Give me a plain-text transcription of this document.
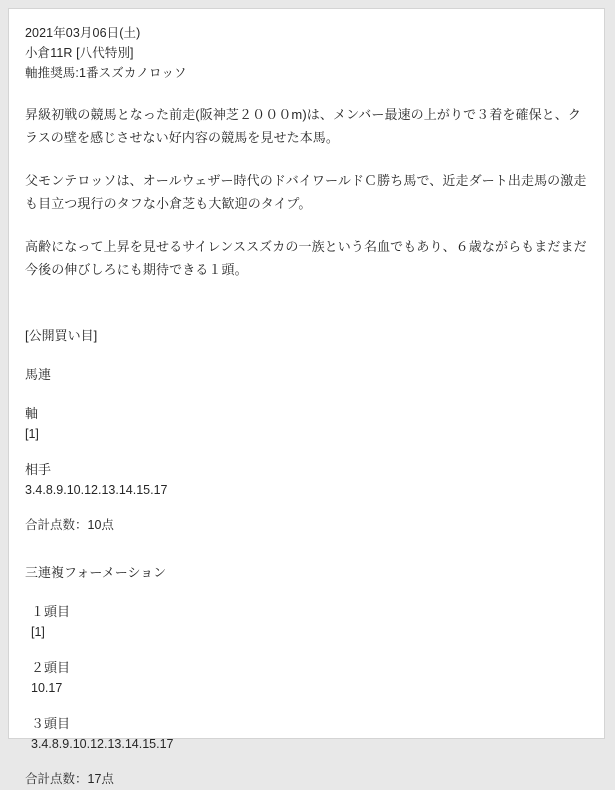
2021年03月06日(土)
小倉11R [八代特別]
軸推奨馬:1番スズカノロッソ

昇級初戦の競馬となった前走(阪神芝２０００m)は、メンバー最速の上がりで３着を確保と、クラスの壁を感じさせない好内容の競馬を見せた本馬。

父モンテロッソは、オールウェザー時代のドバイワールドＣ勝ち馬で、近走ダート出走馬の激走も目立つ現行のタフな小倉芝も大歓迎のタイプ。

高齢になって上昇を見せるサイレンススズカの一族という名血でもあり、６歳ながらもまだまだ今後の伸びしろにも期待できる１頭。

[公開買い目]
馬連
軸
[1]
相手
3.4.8.9.10.12.13.14.15.17
合計点数：10点
三連複フォーメーション
１頭目
[1]
２頭目
10.17
３頭目
3.4.8.9.10.12.13.14.15.17
合計点数：17点
